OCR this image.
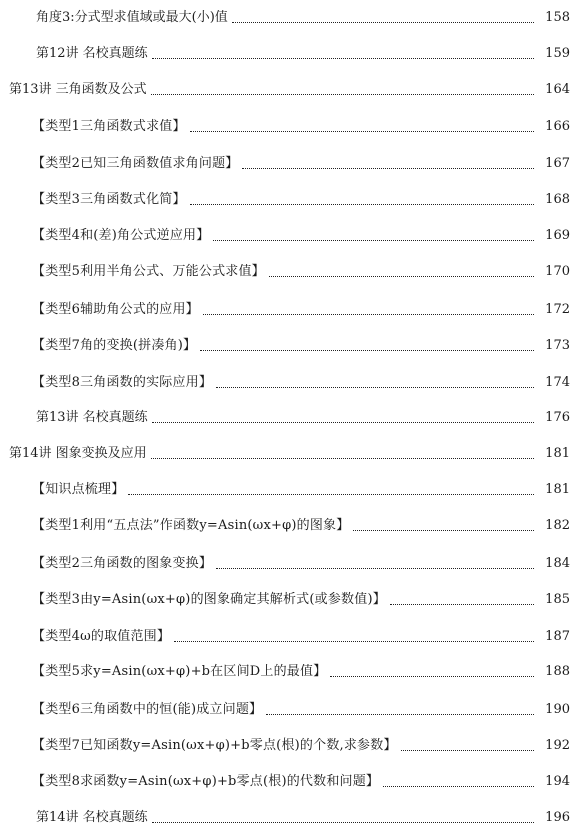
角度3:分式型求值域或最大(小)值	158
第12讲 名校真题练	159
第13讲 三角函数及公式	164
【类型1三角函数式求值】	166
【类型2已知三角函数值求角问题】	167
【类型3三角函数式化简】	168
【类型4和(差)角公式逆应用】	169
【类型5利用半角公式、万能公式求值】	170
【类型6辅助角公式的应用】	172
【类型7角的变换(拼凑角)】	173
【类型8三角函数的实际应用】	174
第13讲 名校真题练	176
第14讲 图象变换及应用	181
【知识点梳理】	181
【类型1利用“五点法”作函数y=Asin(ωx+φ)的图象】	182
【类型2三角函数的图象变换】	184
【类型3由y=Asin(ωx+φ)的图象确定其解析式(或参数值)】	185
【类型4ω的取值范围】	187
【类型5求y=Asin(ωx+φ)+b在区间D上的最值】	188
【类型6三角函数中的恒(能)成立问题】	190
【类型7已知函数y=Asin(ωx+φ)+b零点(根)的个数,求参数】	192
【类型8求函数y=Asin(ωx+φ)+b零点(根)的代数和问题】	194
第14讲 名校真题练	196
